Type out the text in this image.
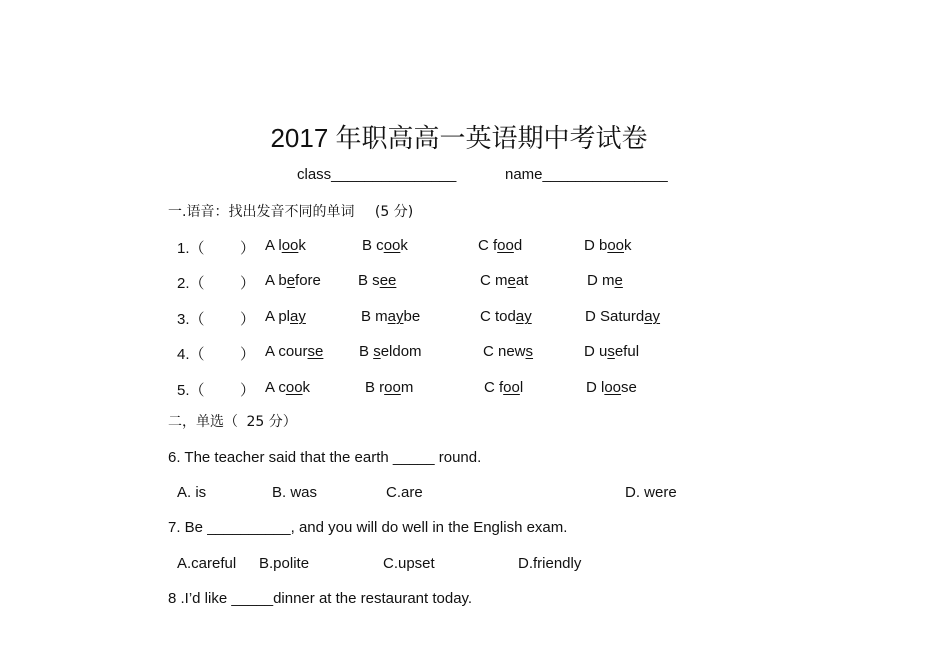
2017 年职高高一英语期中考试卷
class_______________	name_______________
一.语音：找出发音不同的单词 (5 分)
1.（ ） A look	B cook	C food	D book
2.（ ） A before B see	C meat	D me
3.（ ） A play	B maybe	C today	D Saturday
4.（ ） A course B seldom	C news	D useful
5.（ ） A cook	B room	C fool	D loose
二，单选（ 25 分）
6. The teacher said that the earth _____ round.
A. is	B. was	C.are	D. were
7. Be __________, and you will do well in the English exam.
A.careful B.polite	C.upset	D.friendly
8 .I’d like _____dinner at the restaurant today.
